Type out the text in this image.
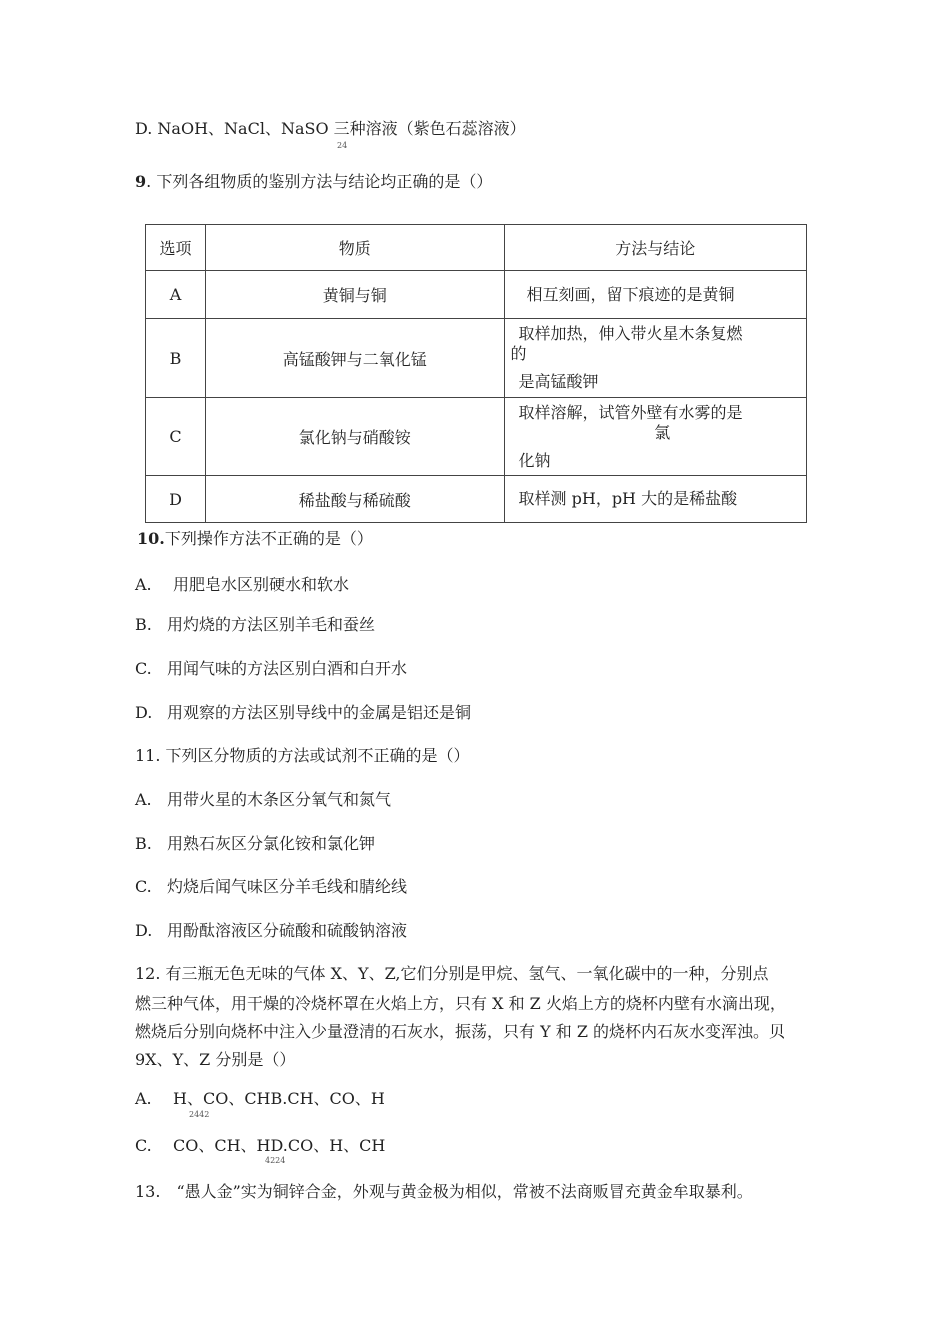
D. NaOH、NaCl、NaSO 三种溶液（紫色石蕊溶液）
24
9. 下列各组物质的鉴别方法与结论均正确的是（）
选项	物质	方法与结论
A	黄铜与铜	相互刻画，留下痕迹的是黄铜

B	高锰酸钾与二氧化锰	取样加热，伸入带火星木条复燃
的
是高锰酸钾

C	氯化钠与硝酸铵	取样溶解，试管外壁有水雾的是
氯
化钠

D	稀盐酸与稀硫酸	取样测 pH，pH 大的是稀盐酸
10.下列操作方法不正确的是（）
A. 用肥皂水区别硬水和软水
B. 用灼烧的方法区别羊毛和蚕丝
C. 用闻气味的方法区别白酒和白开水
D. 用观察的方法区别导线中的金属是铝还是铜
11. 下列区分物质的方法或试剂不正确的是（）
A. 用带火星的木条区分氧气和氮气
B. 用熟石灰区分氯化铵和氯化钾
C. 灼烧后闻气味区分羊毛线和腈纶线
D. 用酚酞溶液区分硫酸和硫酸钠溶液
12. 有三瓶无色无味的气体 X、Y、Z,它们分别是甲烷、氢气、一氧化碳中的一种，分别点
燃三种气体，用干燥的冷烧杯罩在火焰上方，只有 X 和 Z 火焰上方的烧杯内壁有水滴出现，
燃烧后分别向烧杯中注入少量澄清的石灰水，振荡，只有 Y 和 Z 的烧杯内石灰水变浑浊。贝
9X、Y、Z 分别是（）
A. H、CO、CHB.CH、CO、H
2442
C. CO、CH、HD.CO、H、CH
4224
13.　“愚人金”实为铜锌合金，外观与黄金极为相似，常被不法商贩冒充黄金牟取暴利。
